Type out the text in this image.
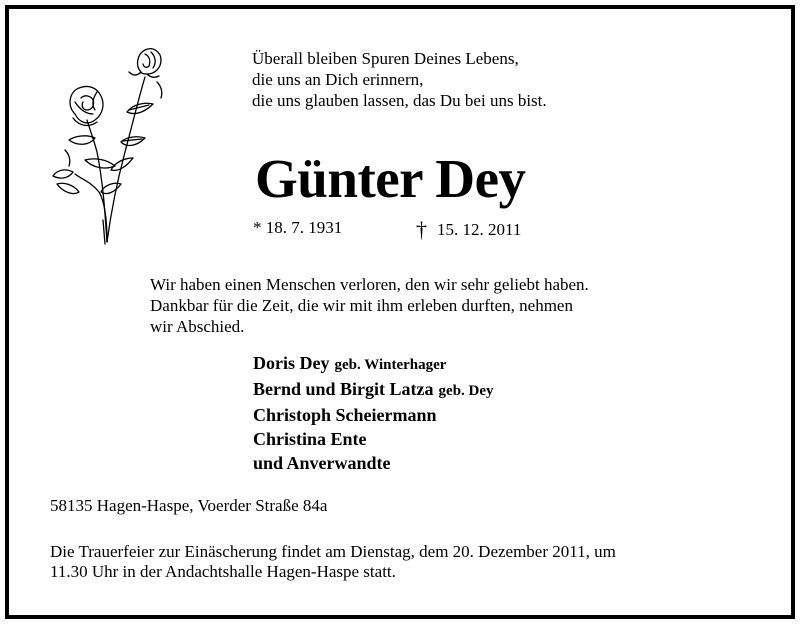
Überall bleiben Spuren Deines Lebens,
die uns an Dich erinnern,
die uns glauben lassen, das Du bei uns bist.
Günter Dey
* 18. 7. 1931	† 15. 12. 2011
Wir haben einen Menschen verloren, den wir sehr geliebt haben.
Dankbar für die Zeit, die wir mit ihm erleben durften, nehmen
wir Abschied.
Doris Dey geb. Winterhager
Bernd und Birgit Latza geb. Dey
Christoph Scheiermann
Christina Ente
und Anverwandte
58135 Hagen-Haspe, Voerder Straße 84a
Die Trauerfeier zur Einäscherung findet am Dienstag, dem 20. Dezember 2011, um
11.30 Uhr in der Andachtshalle Hagen-Haspe statt.
